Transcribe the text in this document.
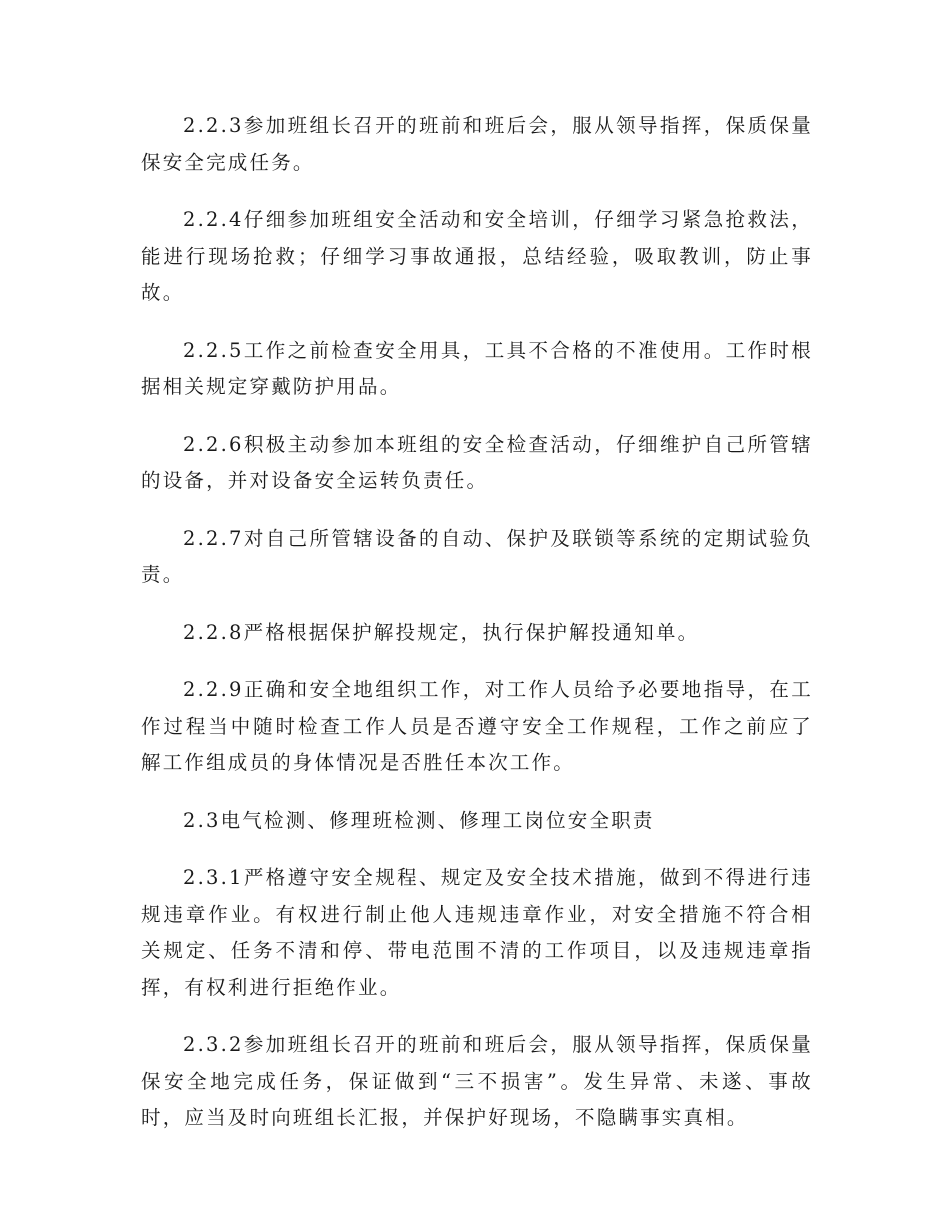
2.2.3参加班组长召开的班前和班后会，服从领导指挥，保质保量保安全完成任务。

2.2.4仔细参加班组安全活动和安全培训，仔细学习紧急抢救法，能进行现场抢救；仔细学习事故通报，总结经验，吸取教训，防止事故。

2.2.5工作之前检查安全用具，工具不合格的不准使用。工作时根据相关规定穿戴防护用品。

2.2.6积极主动参加本班组的安全检查活动，仔细维护自己所管辖的设备，并对设备安全运转负责任。

2.2.7对自己所管辖设备的自动、保护及联锁等系统的定期试验负责。

2.2.8严格根据保护解投规定，执行保护解投通知单。

2.2.9正确和安全地组织工作，对工作人员给予必要地指导，在工作过程当中随时检查工作人员是否遵守安全工作规程，工作之前应了解工作组成员的身体情况是否胜任本次工作。

2.3电气检测、修理班检测、修理工岗位安全职责

2.3.1严格遵守安全规程、规定及安全技术措施，做到不得进行违规违章作业。有权进行制止他人违规违章作业，对安全措施不符合相关规定、任务不清和停、带电范围不清的工作项目，以及违规违章指挥，有权利进行拒绝作业。

2.3.2参加班组长召开的班前和班后会，服从领导指挥，保质保量保安全地完成任务，保证做到“三不损害”。发生异常、未遂、事故时，应当及时向班组长汇报，并保护好现场，不隐瞒事实真相。
